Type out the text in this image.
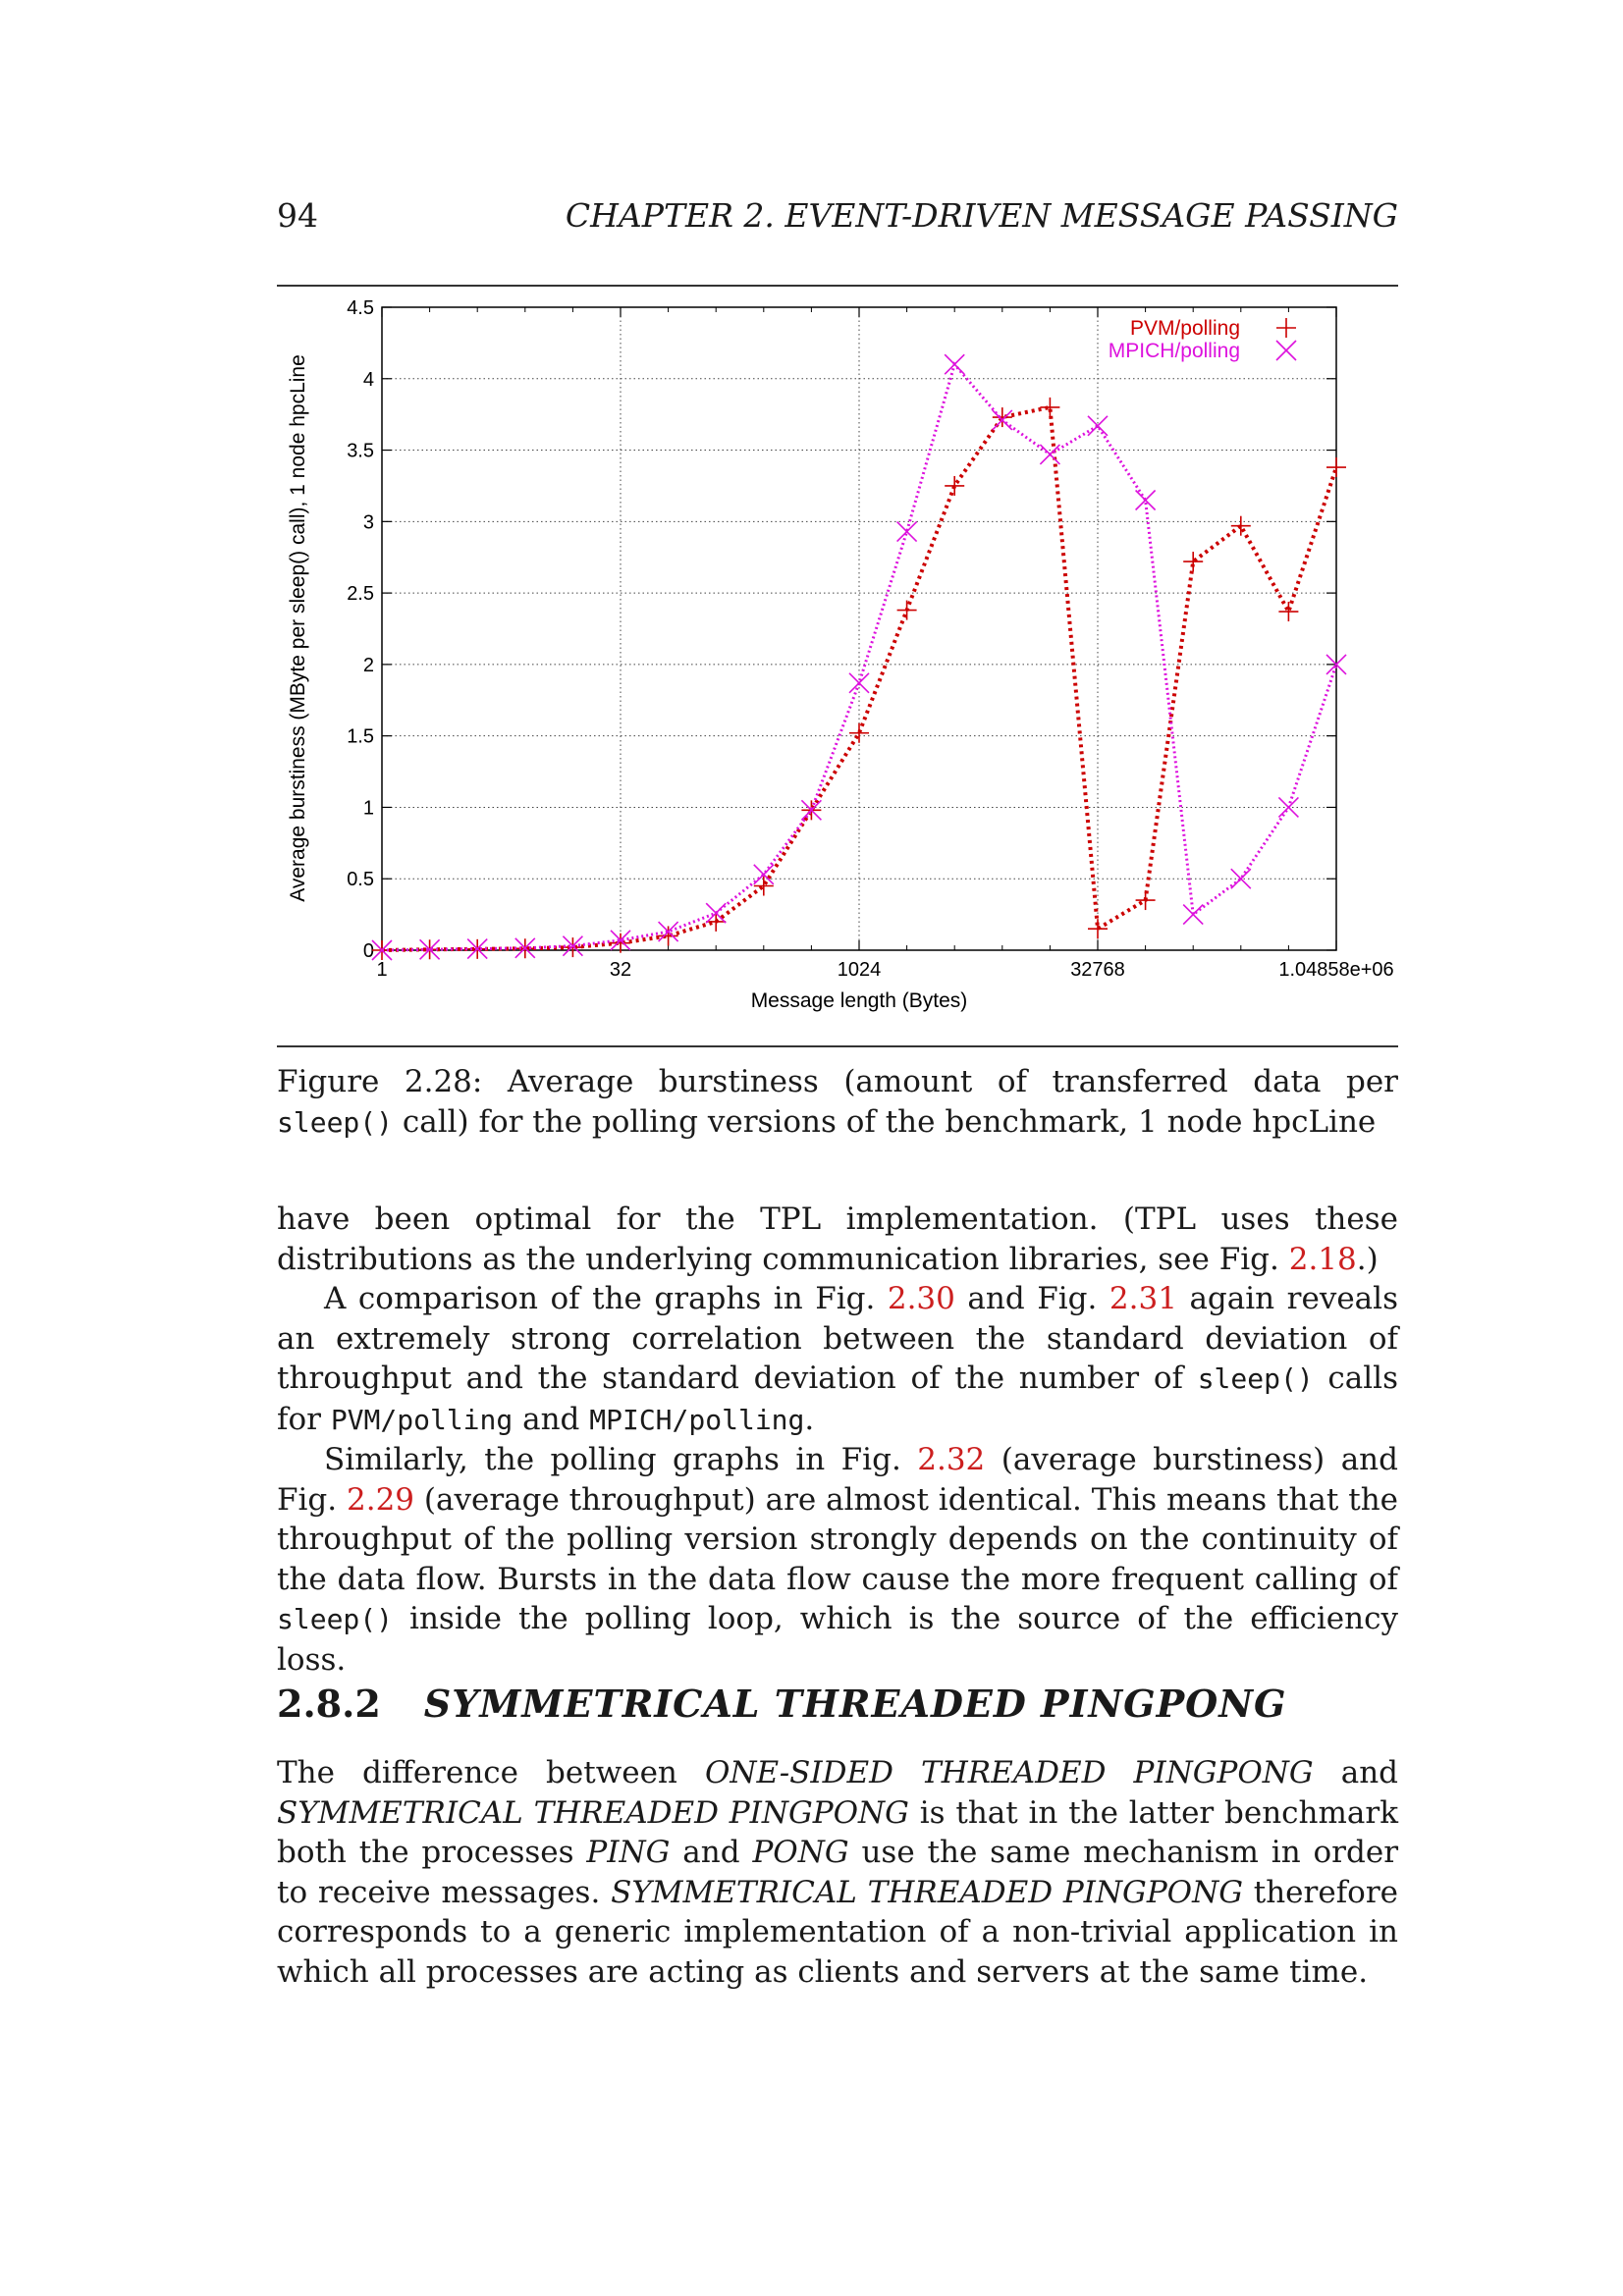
94	CHAPTER 2. EVENT-DRIVEN MESSAGE PASSING
0
0.5
1
1.5
2
2.5
3
3.5
4
4.5
1	32	1024	32768	1.04858e+06
Message length (Bytes)
Average burstiness (MByte per sleep() call), 1 node hpcLine
PVM/polling
MPICH/polling
Figure 2.28: Average burstiness (amount of transferred data per sleep() call) for the polling versions of the benchmark, 1 node hpcLine

have been optimal for the TPL implementation. (TPL uses these distributions as the underlying communication libraries, see Fig. 2.18.)

A comparison of the graphs in Fig. 2.30 and Fig. 2.31 again reveals an extremely strong correlation between the standard deviation of throughput and the standard deviation of the number of sleep() calls for PVM/polling and MPICH/polling.

Similarly, the polling graphs in Fig. 2.32 (average burstiness) and Fig. 2.29 (average throughput) are almost identical. This means that the throughput of the polling version strongly depends on the continuity of the data flow. Bursts in the data flow cause the more frequent calling of sleep() inside the polling loop, which is the source of the efficiency loss.

2.8.2 SYMMETRICAL THREADED PINGPONG

The difference between ONE-SIDED THREADED PINGPONG and SYMMETRICAL THREADED PINGPONG is that in the latter benchmark both the processes PING and PONG use the same mechanism in order to receive messages. SYMMETRICAL THREADED PINGPONG therefore corresponds to a generic implementation of a non-trivial application in which all processes are acting as clients and servers at the same time.
